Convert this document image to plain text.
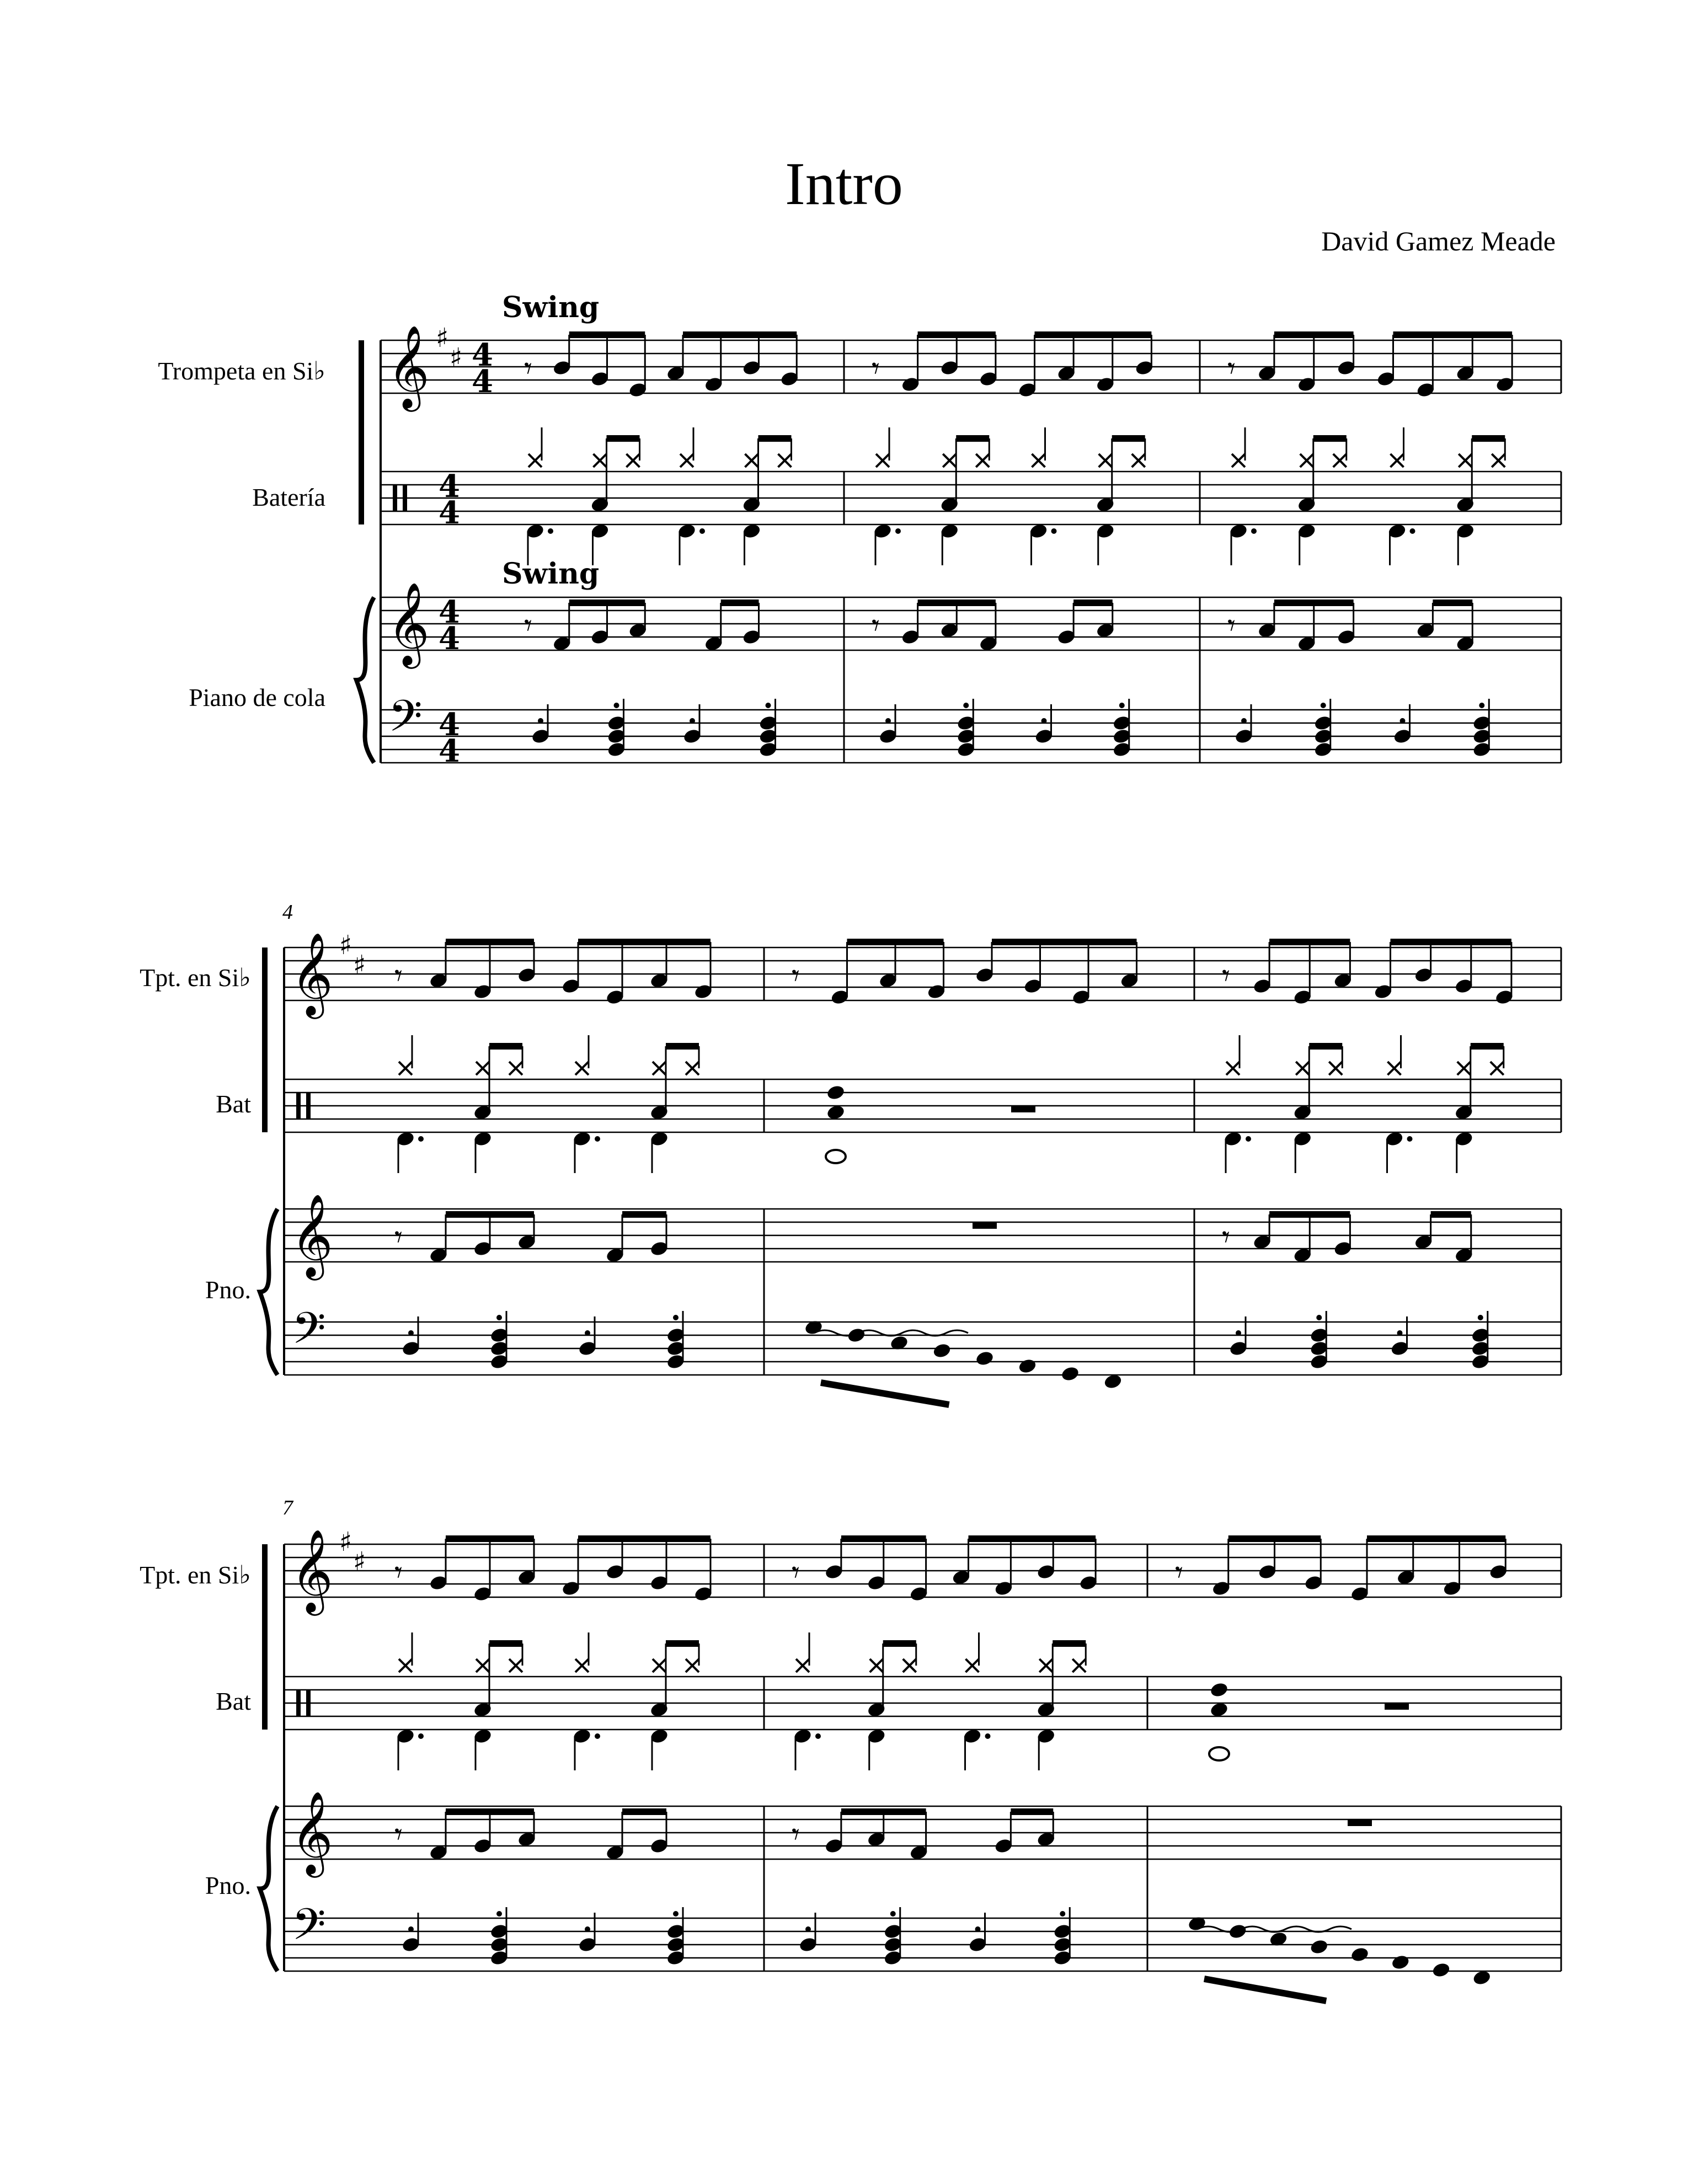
Intro
David Gamez Meade
Trompeta en Si♭
Batería
Piano de cola
Swing
Swing
4
Tpt. en Si♭
Bat
Pno.
7
Tpt. en Si♭
Bat
Pno.
𝄞
𝄞
𝄢
♯
♯ 4
4
4
4
4
4
4
4
𝄾
𝄾
𝄾
𝄾
𝄾
𝄾
𝄞
𝄞
𝄢
♯
♯ 𝄾
𝄾
𝄾	𝄾
𝄾
𝄞
𝄞
𝄢
♯
♯ 𝄾
𝄾
𝄾
𝄾
𝄾
